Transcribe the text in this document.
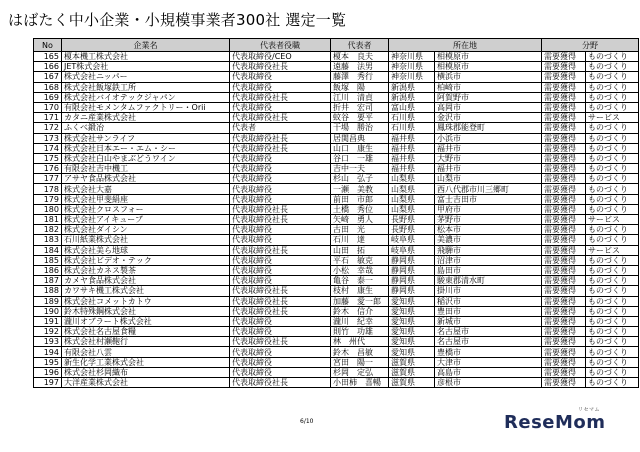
はばたく中小企業・小規模事業者300社 選定一覧
No	企業名	代表者役職	代表者	所在地		分野	
165	榎本機工株式会社	代表取締役/CEO	榎本　良夫	神奈川県	相模原市	需要獲得	ものづくり
166	JET株式会社	代表取締役社長	遠藤　法男	神奈川県	相模原市	需要獲得	ものづくり
167	株式会社ニッパー	代表取締役	藤澤　秀行	神奈川県	横浜市	需要獲得	ものづくり
168	株式会社飯塚鉄工所	代表取締役	飯塚　陽	新潟県	柏崎市	需要獲得	ものづくり
169	株式会社バイオテックジャパン	代表取締役社長	江川　清貞	新潟県	阿賀野市	需要獲得	ものづくり
170	有限会社モメンタムファクトリー・Orii	代表取締役	折井　宏司	富山県	高岡市	需要獲得	ものづくり
171	カタニ産業株式会社	代表取締役社長	蚊谷　要平	石川県	金沢市	需要獲得	サービス
172	ふくべ鍛冶	代表者	干場　勝治	石川県	鳳珠郡能登町	需要獲得	ものづくり
173	株式会社サンライフ	代表取締役社長	居関昌典	福井県	小浜市	需要獲得	ものづくり
174	株式会社日本エー・エム・シー	代表取締役社長	山口　康生	福井県	福井市	需要獲得	ものづくり
175	株式会社白山やまぶどうワイン	代表取締役	谷口　一雄	福井県	大野市	需要獲得	ものづくり
176	有限会社吉中機工	代表取締役	吉中一夫	福井県	福井市	需要獲得	ものづくり
177	アサヤ食品株式会社	代表取締役	杉山　弘子	山梨県	山梨市	需要獲得	ものづくり
178	株式会社大嘉	代表取締役	一瀬　美教	山梨県	西八代郡市川三郷町	需要獲得	ものづくり
179	株式会社甲斐絹座	代表取締役	前田　市郎	山梨県	富士吉田市	需要獲得	ものづくり
180	株式会社クロスフォー	代表取締役社長	土橋　秀位	山梨県	甲府市	需要獲得	ものづくり
181	株式会社アイキューブ	代表取締役社長	矢崎　勇人	長野県	茅野市	需要獲得	サービス
182	株式会社ダイシン	代表取締役	古田　光	長野県	松本市	需要獲得	ものづくり
183	石川紙業株式会社	代表取締役	石川　達	岐阜県	美濃市	需要獲得	ものづくり
184	株式会社美ら地球	代表取締役社長	山田　拓	岐阜県	飛騨市	需要獲得	サービス
185	株式会社ビデオ・テック	代表取締役	平石　敏克	静岡県	沼津市	需要獲得	ものづくり
186	株式会社カネス製茶	代表取締役	小松　幸哉	静岡県	島田市	需要獲得	ものづくり
187	カメヤ食品株式会社	代表取締役	亀谷　泰一	静岡県	駿東郡清水町	需要獲得	ものづくり
188	カワサキ機工株式会社	代表取締役社長	枝村　康生	静岡県	掛川市	需要獲得	ものづくり
189	株式会社コメットカトウ	代表取締役社長	加藤　愛一郎	愛知県	稲沢市	需要獲得	ものづくり
190	鈴木特殊鋼株式会社	代表取締役社長	鈴木　信介	愛知県	豊田市	需要獲得	ものづくり
191	瀧川オブラート株式会社	代表取締役	瀧川　紀幸	愛知県	新城市	需要獲得	ものづくり
192	株式会社名古屋食糧	代表取締役	則竹　功雄	愛知県	名古屋市	需要獲得	ものづくり
193	株式会社村瀬鞄行	代表取締役社長	林　州代	愛知県	名古屋市	需要獲得	ものづくり
194	有限会社八雲	代表取締役	鈴木　昌敏	愛知県	豊橋市	需要獲得	ものづくり
195	新生化学工業株式会社	代表取締役	宮田　陽一	滋賀県	大津市	需要獲得	ものづくり
196	株式会社杉岡織布	代表取締役	杉岡　定弘	滋賀県	高島市	需要獲得	ものづくり
197	大洋産業株式会社	代表取締役社長	小田柿　喜暢	滋賀県	彦根市	需要獲得	ものづくり
6/10	ReseMom
リセマム
